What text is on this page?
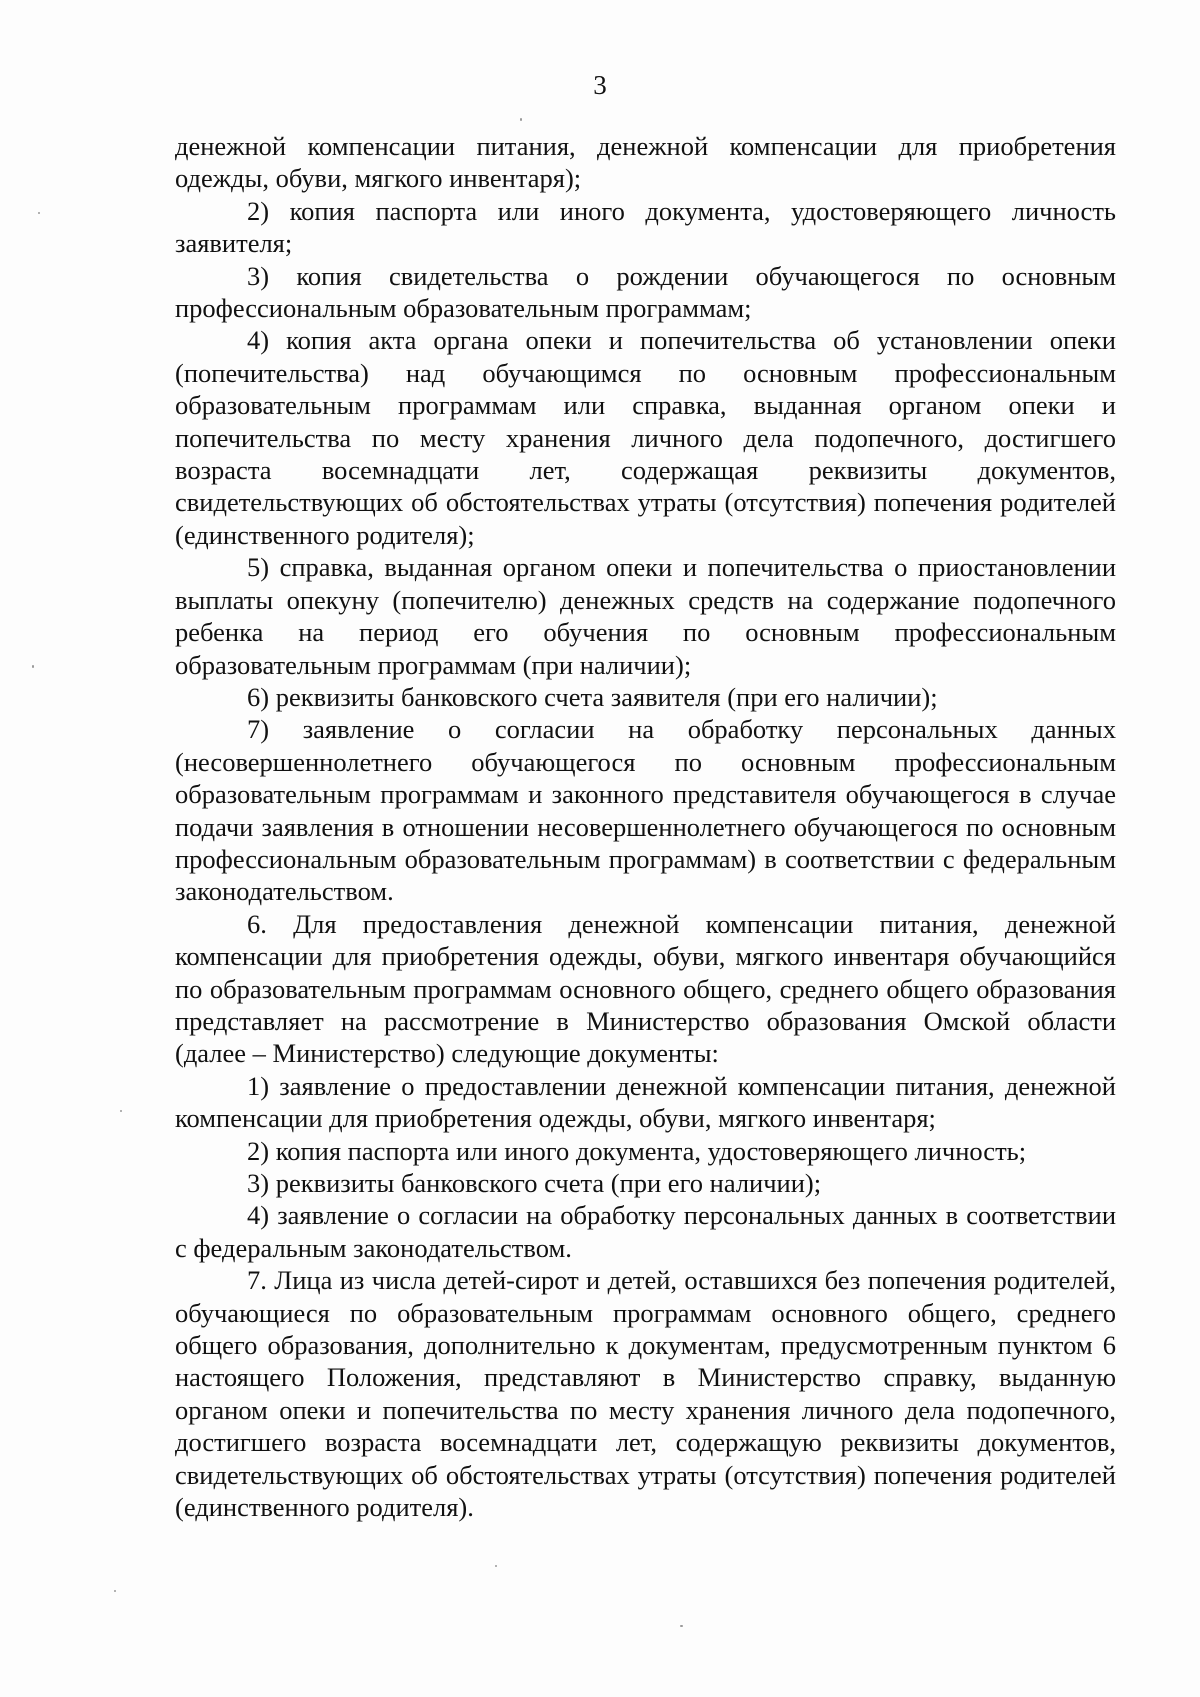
3

денежной компенсации питания, денежной компенсации для приобретения одежды, обуви, мягкого инвентаря);

2) копия паспорта или иного документа, удостоверяющего личность заявителя;

3) копия свидетельства о рождении обучающегося по основным профессиональным образовательным программам;

4) копия акта органа опеки и попечительства об установлении опеки (попечительства) над обучающимся по основным профессиональным образовательным программам или справка, выданная органом опеки и попечительства по месту хранения личного дела подопечного, достигшего возраста восемнадцати лет, содержащая реквизиты документов, свидетельствующих об обстоятельствах утраты (отсутствия) попечения родителей (единственного родителя);

5) справка, выданная органом опеки и попечительства о приостановлении выплаты опекуну (попечителю) денежных средств на содержание подопечного ребенка на период его обучения по основным профессиональным образовательным программам (при наличии);

6) реквизиты банковского счета заявителя (при его наличии);

7) заявление о согласии на обработку персональных данных (несовершеннолетнего обучающегося по основным профессиональным образовательным программам и законного представителя обучающегося в случае подачи заявления в отношении несовершеннолетнего обучающегося по основным профессиональным образовательным программам) в соответствии с федеральным законодательством.

6. Для предоставления денежной компенсации питания, денежной компенсации для приобретения одежды, обуви, мягкого инвентаря обучающийся по образовательным программам основного общего, среднего общего образования представляет на рассмотрение в Министерство образования Омской области (далее – Министерство) следующие документы:

1) заявление о предоставлении денежной компенсации питания, денежной компенсации для приобретения одежды, обуви, мягкого инвентаря;

2) копия паспорта или иного документа, удостоверяющего личность;

3) реквизиты банковского счета (при его наличии);

4) заявление о согласии на обработку персональных данных в соответствии с федеральным законодательством.

7. Лица из числа детей-сирот и детей, оставшихся без попечения родителей, обучающиеся по образовательным программам основного общего, среднего общего образования, дополнительно к документам, предусмотренным пунктом 6 настоящего Положения, представляют в Министерство справку, выданную органом опеки и попечительства по месту хранения личного дела подопечного, достигшего возраста восемнадцати лет, содержащую реквизиты документов, свидетельствующих об обстоятельствах утраты (отсутствия) попечения родителей (единственного родителя).
